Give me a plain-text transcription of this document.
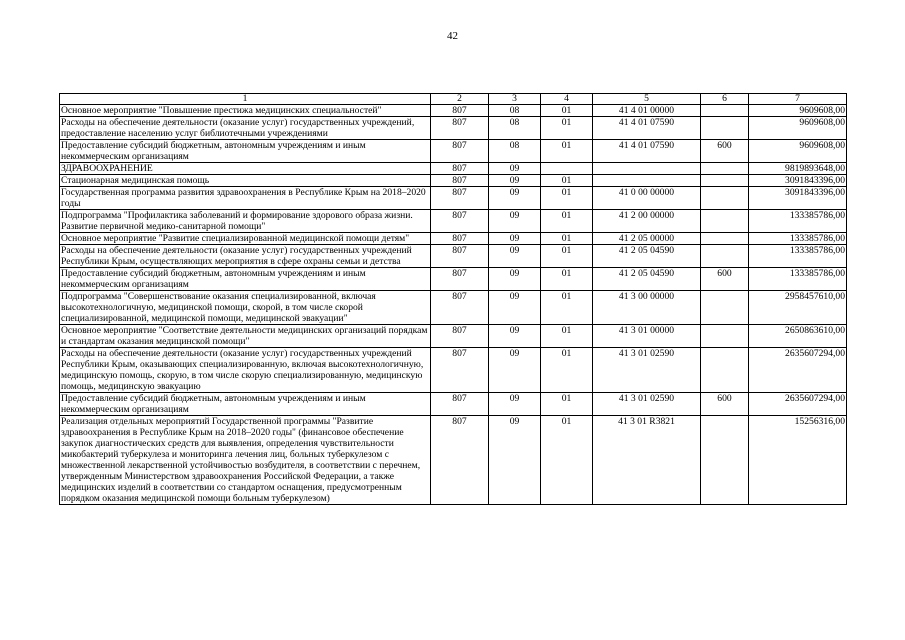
42
1	2	3	4	5	6	7
Основное мероприятие "Повышение престижа медицинских специальностей"	807	08	01	41 4 01 00000		9609608,00
Расходы на обеспечение деятельности (оказание услуг) государственных учреждений, предоставление населению услуг библиотечными учреждениями	807	08	01	41 4 01 07590		9609608,00
Предоставление субсидий бюджетным, автономным учреждениям и иным некоммерческим организациям	807	08	01	41 4 01 07590	600	9609608,00
ЗДРАВООХРАНЕНИЕ	807	09				9819893648,00
Стационарная медицинская помощь	807	09	01			3091843396,00
Государственная программа развития здравоохранения в Республике Крым на 2018–2020 годы	807	09	01	41 0 00 00000		3091843396,00
Подпрограмма "Профилактика заболеваний и формирование здорового образа жизни. Развитие первичной медико-санитарной помощи"	807	09	01	41 2 00 00000		133385786,00
Основное мероприятие "Развитие специализированной медицинской помощи детям"	807	09	01	41 2 05 00000		133385786,00
Расходы на обеспечение деятельности (оказание услуг) государственных учреждений Республики Крым, осуществляющих мероприятия в сфере охраны семьи и детства	807	09	01	41 2 05 04590		133385786,00
Предоставление субсидий бюджетным, автономным учреждениям и иным некоммерческим организациям	807	09	01	41 2 05 04590	600	133385786,00
Подпрограмма "Совершенствование оказания специализированной, включая высокотехнологичную, медицинской помощи, скорой, в том числе скорой специализированной, медицинской помощи, медицинской эвакуации"	807	09	01	41 3 00 00000		2958457610,00
Основное мероприятие "Соответствие деятельности медицинских организаций порядкам и стандартам оказания медицинской помощи"	807	09	01	41 3 01 00000		2650863610,00
Расходы на обеспечение деятельности (оказание услуг) государственных учреждений Республики Крым, оказывающих специализированную, включая высокотехнологичную, медицинскую помощь, скорую, в том числе скорую специализированную, медицинскую помощь, медицинскую эвакуацию	807	09	01	41 3 01 02590		2635607294,00
Предоставление субсидий бюджетным, автономным учреждениям и иным некоммерческим организациям	807	09	01	41 3 01 02590	600	2635607294,00
Реализация отдельных мероприятий Государственной программы "Развитие здравоохранения в Республике Крым на 2018–2020 годы" (финансовое обеспечение закупок диагностических средств для выявления, определения чувствительности микобактерий туберкулеза и мониторинга лечения лиц, больных туберкулезом с множественной лекарственной устойчивостью возбудителя, в соответствии с перечнем, утвержденным Министерством здравоохранения Российской Федерации, а также медицинских изделий в соответствии со стандартом оснащения, предусмотренным порядком оказания медицинской помощи больным туберкулезом)	807	09	01	41 3 01 R3821		15256316,00
